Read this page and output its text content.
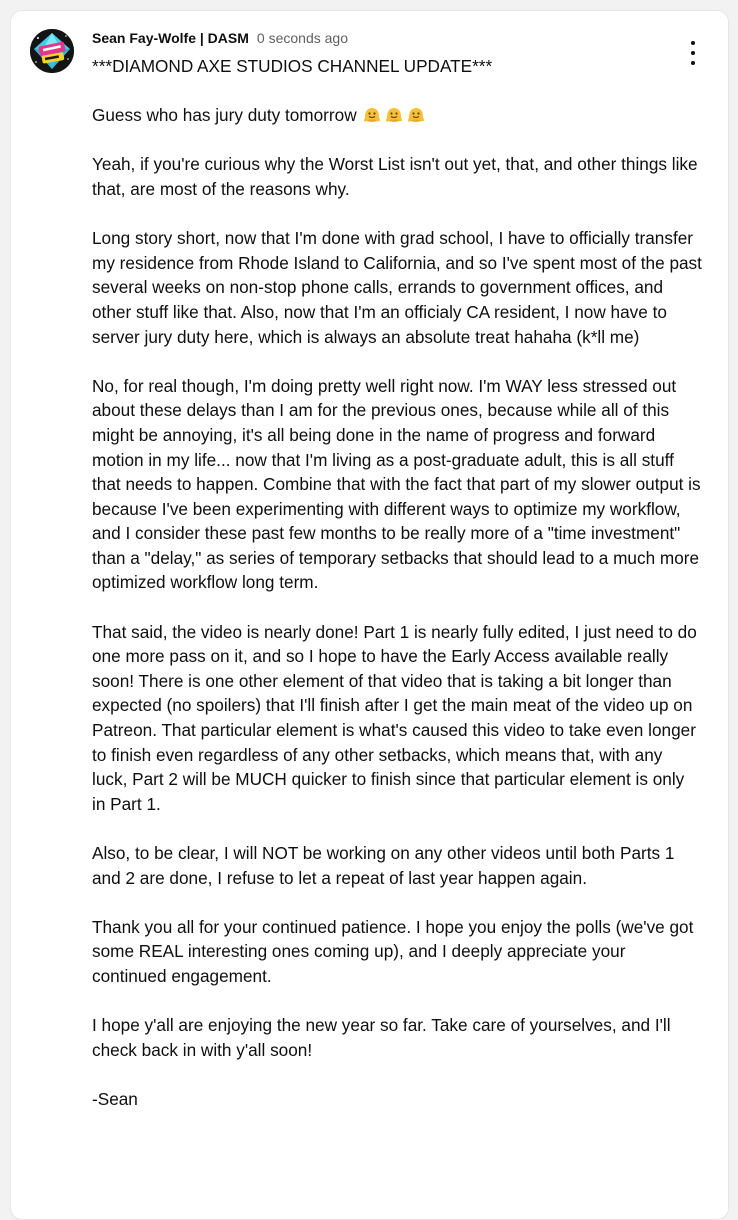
Sean Fay-Wolfe | DASM 0 seconds ago

***DIAMOND AXE STUDIOS CHANNEL UPDATE***

Guess who has jury duty tomorrow

Yeah, if you're curious why the Worst List isn't out yet, that, and other things like that, are most of the reasons why.

Long story short, now that I'm done with grad school, I have to officially transfer my residence from Rhode Island to California, and so I've spent most of the past several weeks on non-stop phone calls, errands to government offices, and other stuff like that. Also, now that I'm an officialy CA resident, I now have to server jury duty here, which is always an absolute treat hahaha (k*ll me)

No, for real though, I'm doing pretty well right now. I'm WAY less stressed out about these delays than I am for the previous ones, because while all of this might be annoying, it's all being done in the name of progress and forward motion in my life... now that I'm living as a post-graduate adult, this is all stuff that needs to happen. Combine that with the fact that part of my slower output is because I've been experimenting with different ways to optimize my workflow, and I consider these past few months to be really more of a "time investment" than a "delay," as series of temporary setbacks that should lead to a much more optimized workflow long term.

That said, the video is nearly done! Part 1 is nearly fully edited, I just need to do one more pass on it, and so I hope to have the Early Access available really soon! There is one other element of that video that is taking a bit longer than expected (no spoilers) that I'll finish after I get the main meat of the video up on Patreon. That particular element is what's caused this video to take even longer to finish even regardless of any other setbacks, which means that, with any luck, Part 2 will be MUCH quicker to finish since that particular element is only in Part 1.

Also, to be clear, I will NOT be working on any other videos until both Parts 1 and 2 are done, I refuse to let a repeat of last year happen again.

Thank you all for your continued patience. I hope you enjoy the polls (we've got some REAL interesting ones coming up), and I deeply appreciate your continued engagement.

I hope y'all are enjoying the new year so far. Take care of yourselves, and I'll check back in with y'all soon!

-Sean
